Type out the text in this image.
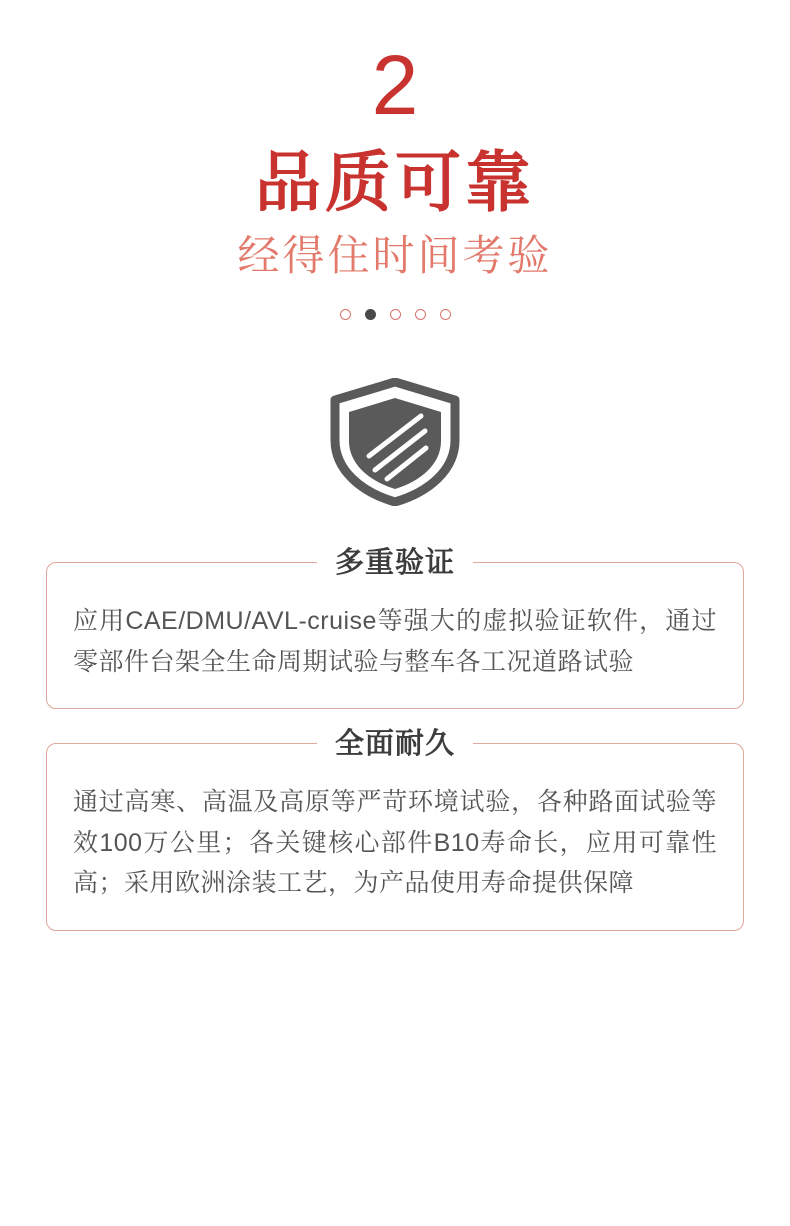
2
品质可靠
经得住时间考验
多重验证
应用CAE/DMU/AVL-cruise等强大的虚拟验证软件，通过零部件台架全生命周期试验与整车各工况道路试验
全面耐久
通过高寒、高温及高原等严苛环境试验，各种路面试验等效100万公里；各关键核心部件B10寿命长，应用可靠性高；采用欧洲涂装工艺，为产品使用寿命提供保障
